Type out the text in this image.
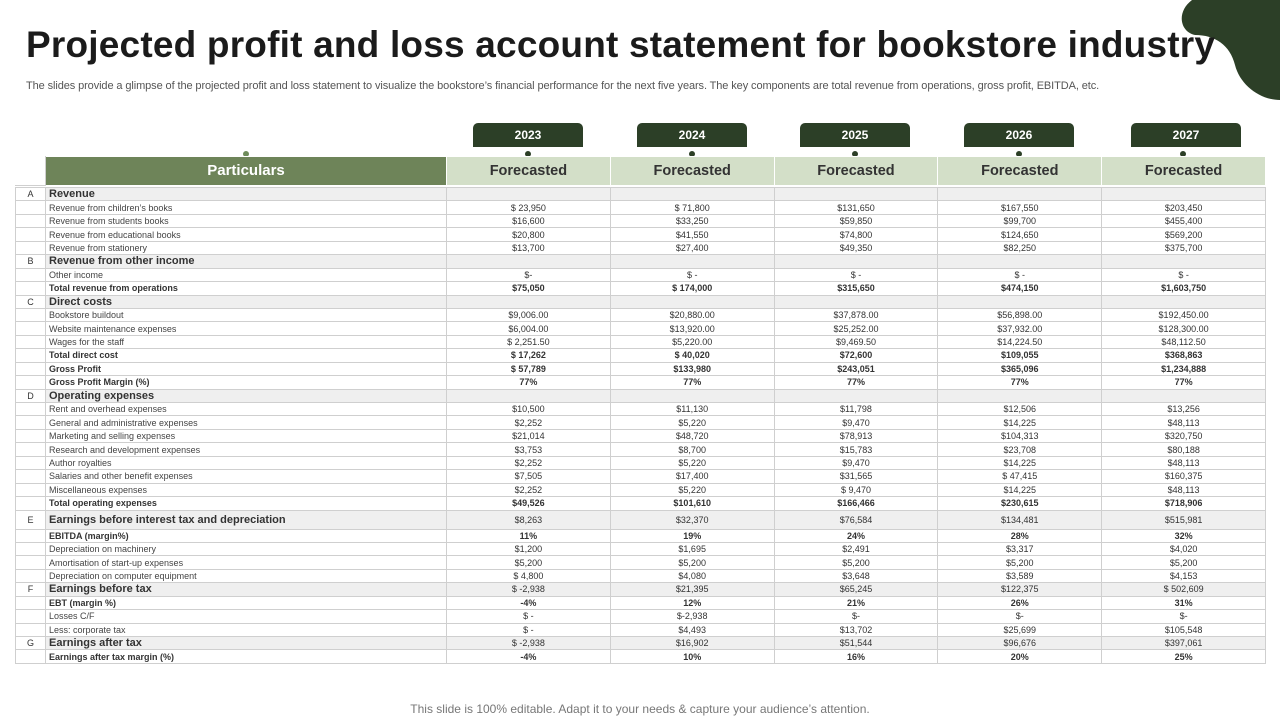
Projected profit and loss account statement for bookstore industry
The slides provide a glimpse of the projected profit and loss statement to visualize the bookstore’s financial performance for the next five years. The key components are total revenue from operations, gross profit, EBITDA, etc.
2023	2024	2025	2026	2027
	Particulars	Forecasted	Forecasted	Forecasted	Forecasted	Forecasted

A	Revenue					
	Revenue from children’s books	$ 23,950	$ 71,800	$131,650	$167,550	$203,450
	Revenue from students books	$16,600	$33,250	$59,850	$99,700	$455,400
	Revenue from educational books	$20,800	$41,550	$74,800	$124,650	$569,200
	Revenue from stationery	$13,700	$27,400	$49,350	$82,250	$375,700
B	Revenue from other income					
	Other income	$-	$ -	$ -	$ -	$ -
	Total revenue from operations	$75,050	$ 174,000	$315,650	$474,150	$1,603,750
C	Direct costs					
	Bookstore buildout	$9,006.00	$20,880.00	$37,878.00	$56,898.00	$192,450.00
	Website maintenance expenses	$6,004.00	$13,920.00	$25,252.00	$37,932.00	$128,300.00
	Wages for the staff	$ 2,251.50	$5,220.00	$9,469.50	$14,224.50	$48,112.50
	Total direct cost	$ 17,262	$ 40,020	$72,600	$109,055	$368,863
	Gross Profit	$ 57,789	$133,980	$243,051	$365,096	$1,234,888
	Gross Profit Margin (%)	77%	77%	77%	77%	77%
D	Operating expenses					
	Rent and overhead expenses	$10,500	$11,130	$11,798	$12,506	$13,256
	General and administrative expenses	$2,252	$5,220	$9,470	$14,225	$48,113
	Marketing and selling expenses	$21,014	$48,720	$78,913	$104,313	$320,750
	Research and development expenses	$3,753	$8,700	$15,783	$23,708	$80,188
	Author royalties	$2,252	$5,220	$9,470	$14,225	$48,113
	Salaries and other benefit expenses	$7,505	$17,400	$31,565	$ 47,415	$160,375
	Miscellaneous expenses	$2,252	$5,220	$ 9,470	$14,225	$48,113
	Total operating expenses	$49,526	$101,610	$166,466	$230,615	$718,906
E	Earnings before interest tax and depreciation	$8,263	$32,370	$76,584	$134,481	$515,981
	EBITDA (margin%)	11%	19%	24%	28%	32%
	Depreciation on machinery	$1,200	$1,695	$2,491	$3,317	$4,020
	Amortisation of start-up expenses	$5,200	$5,200	$5,200	$5,200	$5,200
	Depreciation on computer equipment	$ 4,800	$4,080	$3,648	$3,589	$4,153
F	Earnings before tax	$ -2,938	$21,395	$65,245	$122,375	$ 502,609
	EBT (margin %)	-4%	12%	21%	26%	31%
	Losses C/F	$ -	$-2,938	$-	$-	$-
	Less: corporate tax	$ -	$4,493	$13,702	$25,699	$105,548
G	Earnings after tax	$ -2,938	$16,902	$51,544	$96,676	$397,061
	Earnings after tax margin (%)	-4%	10%	16%	20%	25%
This slide is 100% editable. Adapt it to your needs & capture your audience’s attention.
